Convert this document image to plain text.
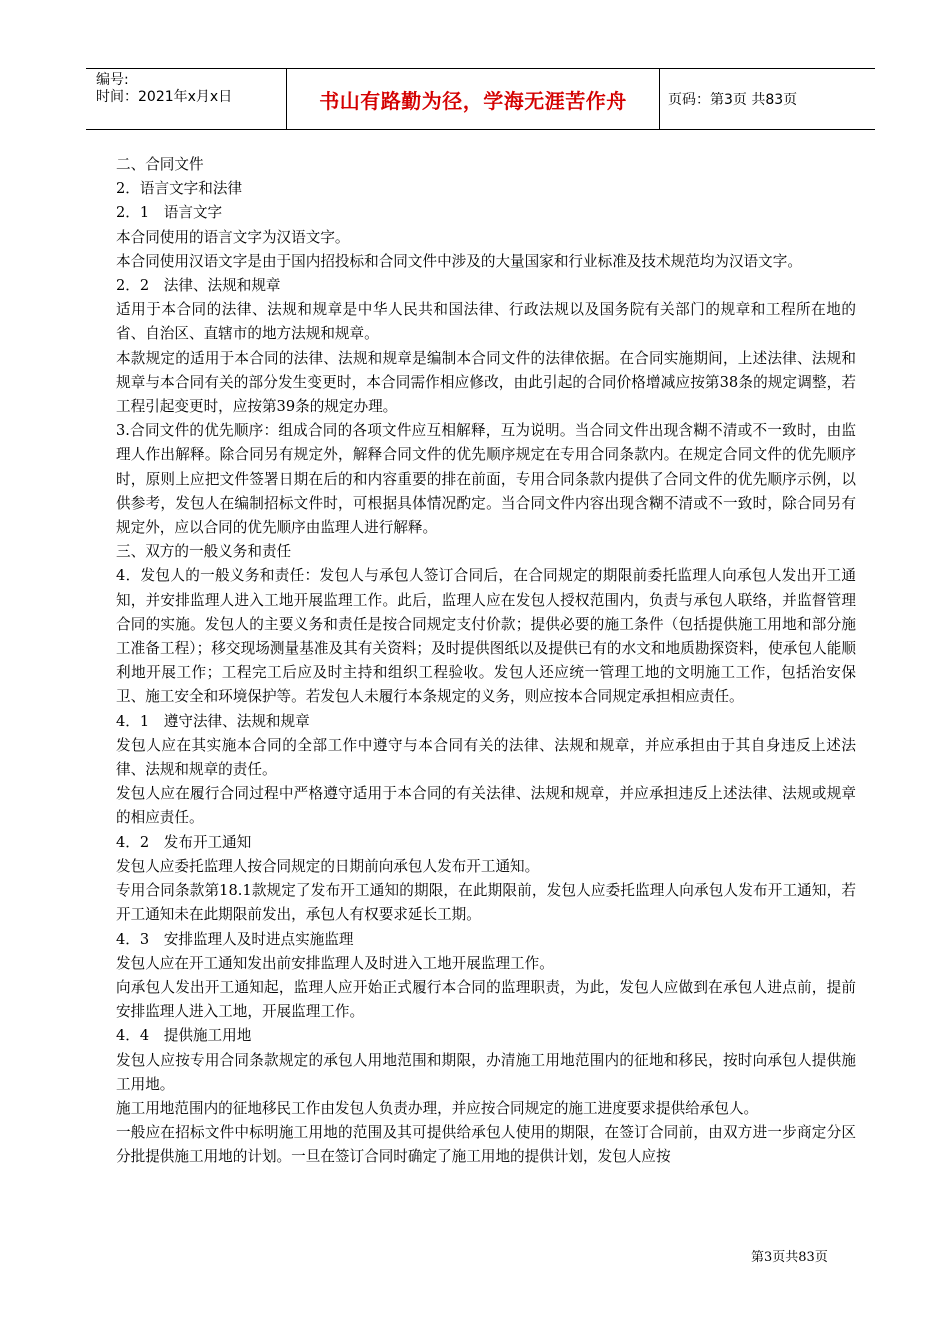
编号:
时间：2021年x月x日	书山有路勤为径，学海无涯苦作舟	页码：第3页 共83页

二、合同文件

2．语言文字和法律

2．1　语言文字

本合同使用的语言文字为汉语文字。

本合同使用汉语文字是由于国内招投标和合同文件中涉及的大量国家和行业标准及技术规范均为汉语文字。

2．2　法律、法规和规章

适用于本合同的法律、法规和规章是中华人民共和国法律、行政法规以及国务院有关部门的规章和工程所在地的省、自治区、直辖市的地方法规和规章。

本款规定的适用于本合同的法律、法规和规章是编制本合同文件的法律依据。在合同实施期间，上述法律、法规和规章与本合同有关的部分发生变更时，本合同需作相应修改，由此引起的合同价格增减应按第38条的规定调整，若工程引起变更时，应按第39条的规定办理。

3.合同文件的优先顺序：组成合同的各项文件应互相解释，互为说明。当合同文件出现含糊不清或不一致时，由监理人作出解释。除合同另有规定外，解释合同文件的优先顺序规定在专用合同条款内。在规定合同文件的优先顺序时，原则上应把文件签署日期在后的和内容重要的排在前面，专用合同条款内提供了合同文件的优先顺序示例，以供参考，发包人在编制招标文件时，可根据具体情况酌定。当合同文件内容出现含糊不清或不一致时，除合同另有规定外，应以合同的优先顺序由监理人进行解释。

三、双方的一般义务和责任

4．发包人的一般义务和责任：发包人与承包人签订合同后，在合同规定的期限前委托监理人向承包人发出开工通知，并安排监理人进入工地开展监理工作。此后，监理人应在发包人授权范围内，负责与承包人联络，并监督管理合同的实施。发包人的主要义务和责任是按合同规定支付价款；提供必要的施工条件（包括提供施工用地和部分施工准备工程）；移交现场测量基准及其有关资料；及时提供图纸以及提供已有的水文和地质勘探资料，使承包人能顺利地开展工作；工程完工后应及时主持和组织工程验收。发包人还应统一管理工地的文明施工工作，包括治安保卫、施工安全和环境保护等。若发包人未履行本条规定的义务，则应按本合同规定承担相应责任。

4．1　遵守法律、法规和规章

发包人应在其实施本合同的全部工作中遵守与本合同有关的法律、法规和规章，并应承担由于其自身违反上述法律、法规和规章的责任。

发包人应在履行合同过程中严格遵守适用于本合同的有关法律、法规和规章，并应承担违反上述法律、法规或规章的相应责任。

4．2　发布开工通知

发包人应委托监理人按合同规定的日期前向承包人发布开工通知。

专用合同条款第18.1款规定了发布开工通知的期限，在此期限前，发包人应委托监理人向承包人发布开工通知，若开工通知未在此期限前发出，承包人有权要求延长工期。

4．3　安排监理人及时进点实施监理

发包人应在开工通知发出前安排监理人及时进入工地开展监理工作。

向承包人发出开工通知起，监理人应开始正式履行本合同的监理职责，为此，发包人应做到在承包人进点前，提前安排监理人进入工地，开展监理工作。

4．4　提供施工用地

发包人应按专用合同条款规定的承包人用地范围和期限，办清施工用地范围内的征地和移民，按时向承包人提供施工用地。

施工用地范围内的征地移民工作由发包人负责办理，并应按合同规定的施工进度要求提供给承包人。

一般应在招标文件中标明施工用地的范围及其可提供给承包人使用的期限，在签订合同前，由双方进一步商定分区分批提供施工用地的计划。一旦在签订合同时确定了施工用地的提供计划，发包人应按

第3页共83页
